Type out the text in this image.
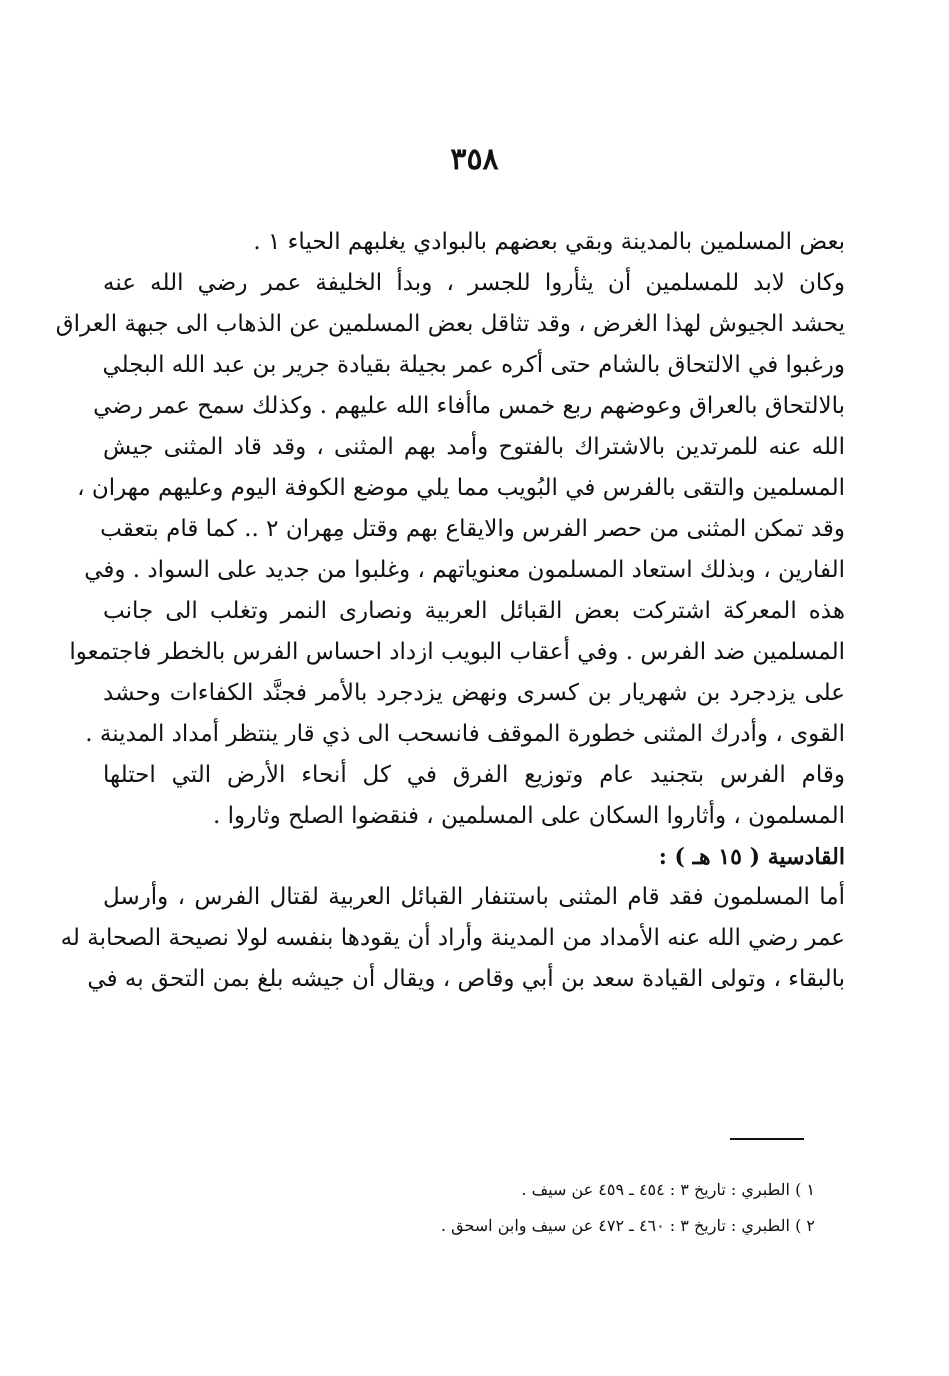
٣٥٨
بعض المسلمين بالمدينة وبقي بعضهم بالبوادي يغلبهم الحياء ١ .
وكان لابد للمسلمين أن يثأروا للجسر ، وبدأ الخليفة عمر رضي الله عنه
يحشد الجيوش لهذا الغرض ، وقد تثاقل بعض المسلمين عن الذهاب الى جبهة العراق
ورغبوا في الالتحاق بالشام حتى أكره عمر بجيلة بقيادة جرير بن عبد الله البجلي
بالالتحاق بالعراق وعوضهم ربع خمس ماأفاء الله عليهم . وكذلك سمح عمر رضي
الله عنه للمرتدين بالاشتراك بالفتوح وأمد بهم المثنى ، وقد قاد المثنى جيش
المسلمين والتقى بالفرس في البُويب مما يلي موضع الكوفة اليوم وعليهم مهران ،
وقد تمكن المثنى من حصر الفرس والايقاع بهم وقتل مِهران ٢ .. كما قام بتعقب
الفارين ، وبذلك استعاد المسلمون معنوياتهم ، وغلبوا من جديد على السواد . وفي
هذه المعركة اشتركت بعض القبائل العربية ونصارى النمر وتغلب الى جانب
المسلمين ضد الفرس . وفي أعقاب البويب ازداد احساس الفرس بالخطر فاجتمعوا
على يزدجرد بن شهريار بن كسرى ونهض يزدجرد بالأمر فجنَّد الكفاءات وحشد
القوى ، وأدرك المثنى خطورة الموقف فانسحب الى ذي قار ينتظر أمداد المدينة .
وقام الفرس بتجنيد عام وتوزيع الفرق في كل أنحاء الأرض التي احتلها
المسلمون ، وأثاروا السكان على المسلمين ، فنقضوا الصلح وثاروا .
القادسية ( ١٥ هـ ) :
أما المسلمون فقد قام المثنى باستنفار القبائل العربية لقتال الفرس ، وأرسل
عمر رضي الله عنه الأمداد من المدينة وأراد أن يقودها بنفسه لولا نصيحة الصحابة له
بالبقاء ، وتولى القيادة سعد بن أبي وقاص ، ويقال أن جيشه بلغ بمن التحق به في
١ ) الطبري : تاريخ ٣ : ٤٥٤ ـ ٤٥٩ عن سيف .
٢ ) الطبري : تاريخ ٣ : ٤٦٠ ـ ٤٧٢ عن سيف وابن اسحق .
